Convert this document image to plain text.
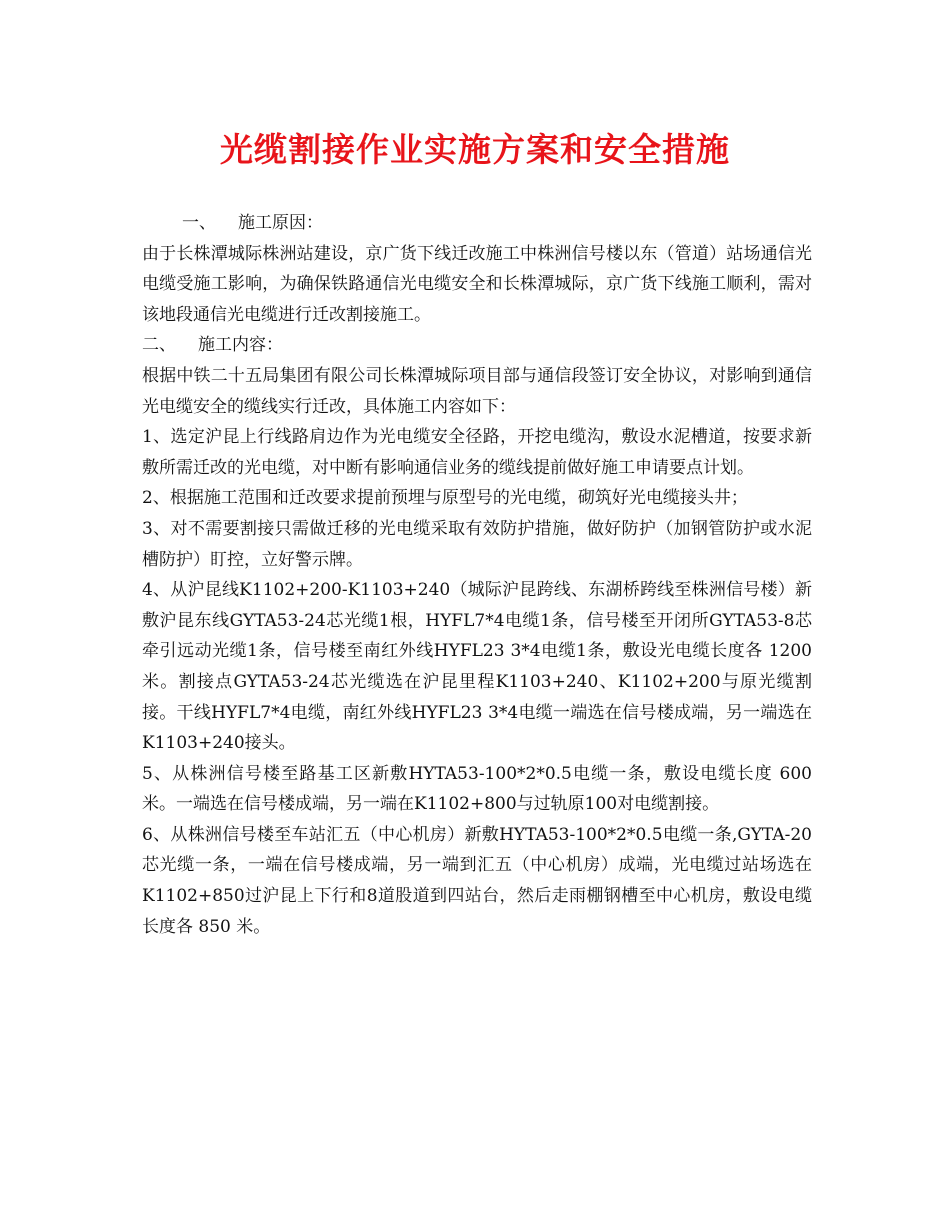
光缆割接作业实施方案和安全措施

一、 施工原因：

由于长株潭城际株洲站建设，京广货下线迁改施工中株洲信号楼以东（管道）站场通信光电缆受施工影响，为确保铁路通信光电缆安全和长株潭城际，京广货下线施工顺利，需对该地段通信光电缆进行迁改割接施工。

二、 施工内容：

根据中铁二十五局集团有限公司长株潭城际项目部与通信段签订安全协议，对影响到通信光电缆安全的缆线实行迁改，具体施工内容如下：

1、选定沪昆上行线路肩边作为光电缆安全径路，开挖电缆沟，敷设水泥槽道，按要求新敷所需迁改的光电缆，对中断有影响通信业务的缆线提前做好施工申请要点计划。

2、根据施工范围和迁改要求提前预埋与原型号的光电缆，砌筑好光电缆接头井；

3、对不需要割接只需做迁移的光电缆采取有效防护措施，做好防护（加钢管防护或水泥槽防护）盯控，立好警示牌。

4、从沪昆线K1102+200-K1103+240（城际沪昆跨线、东湖桥跨线至株洲信号楼）新敷沪昆东线GYTA53-24芯光缆1根，HYFL7*4电缆1条，信号楼至开闭所GYTA53-8芯牵引远动光缆1条，信号楼至南红外线HYFL23 3*4电缆1条，敷设光电缆长度各 1200 米。割接点GYTA53-24芯光缆选在沪昆里程K1103+240、K1102+200与原光缆割接。干线HYFL7*4电缆，南红外线HYFL23 3*4电缆一端选在信号楼成端，另一端选在K1103+240接头。

5、从株洲信号楼至路基工区新敷HYTA53-100*2*0.5电缆一条，敷设电缆长度 600 米。一端选在信号楼成端，另一端在K1102+800与过轨原100对电缆割接。

6、从株洲信号楼至车站汇五（中心机房）新敷HYTA53-100*2*0.5电缆一条,GYTA-20芯光缆一条，一端在信号楼成端，另一端到汇五（中心机房）成端，光电缆过站场选在K1102+850过沪昆上下行和8道股道到四站台，然后走雨棚钢槽至中心机房，敷设电缆长度各 850 米。
